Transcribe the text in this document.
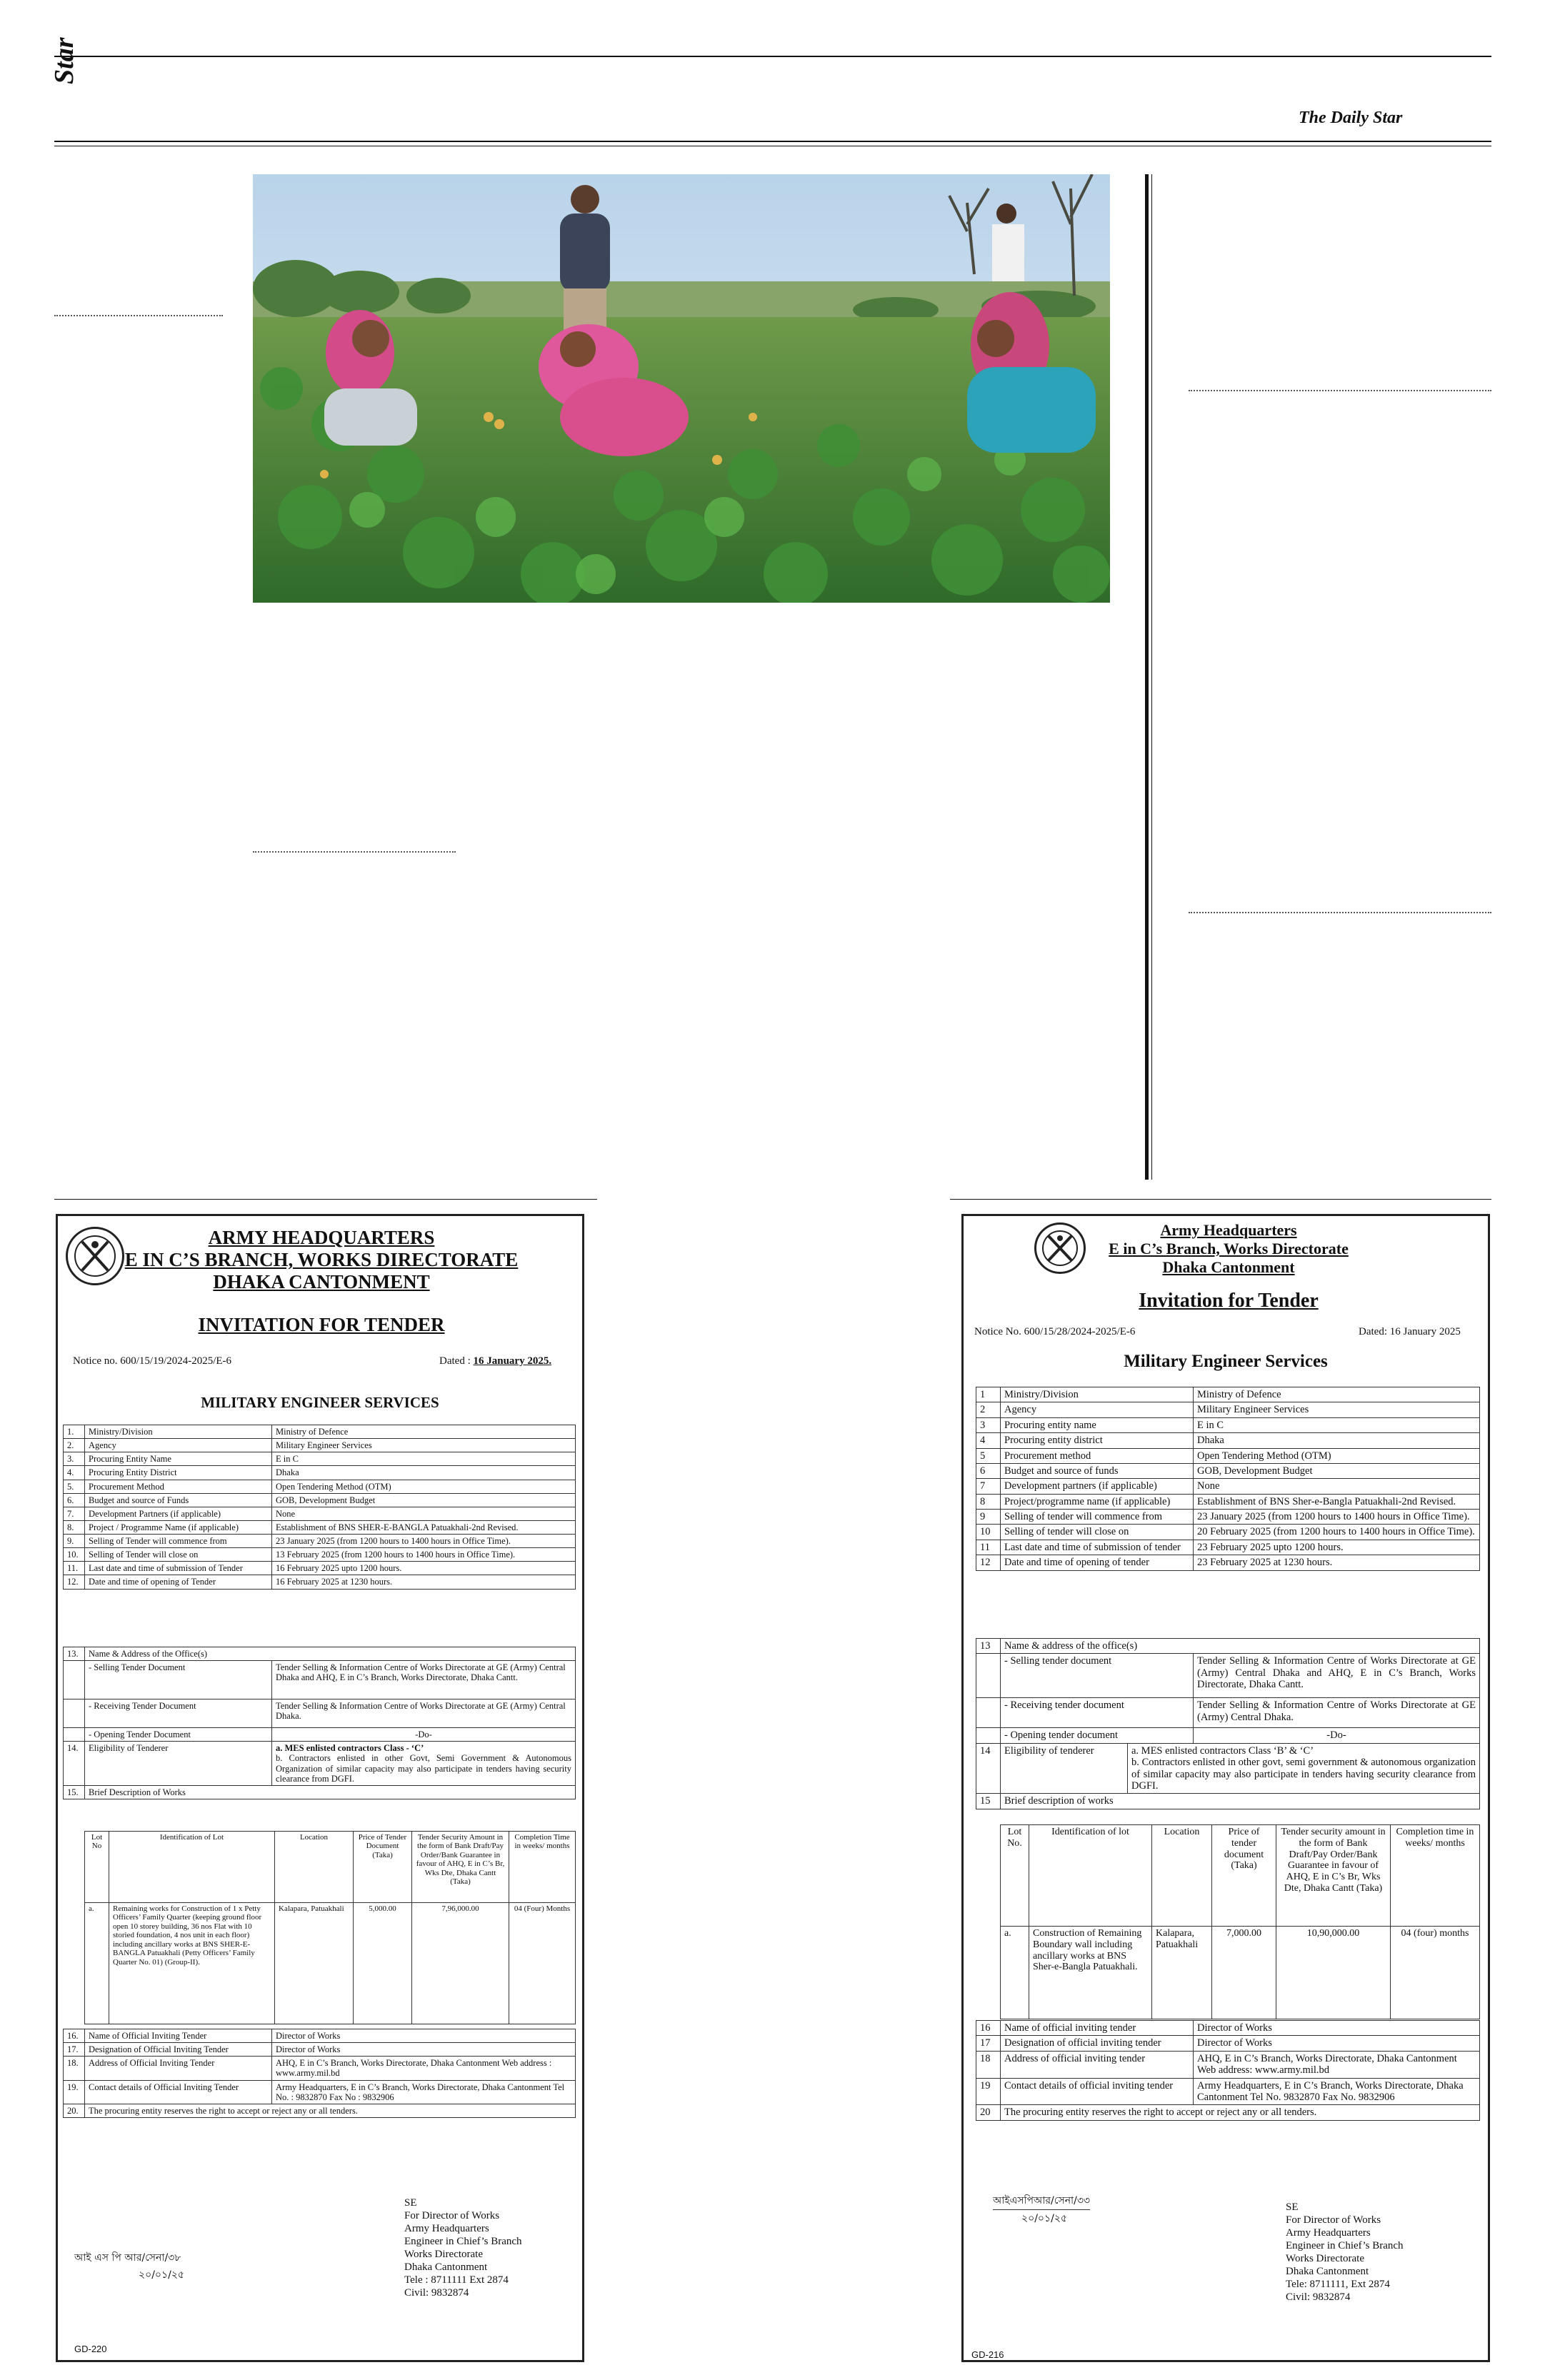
Star
The Daily Star
ARMY HEADQUARTERS
E IN C’S BRANCH, WORKS DIRECTORATE
DHAKA CANTONMENT
INVITATION FOR TENDER
Notice no. 600/15/19/2024-2025/E-6	Dated : 16 January 2025.
MILITARY ENGINEER SERVICES
1.	Ministry/Division	Ministry of Defence
2.	Agency	Military Engineer Services
3.	Procuring Entity Name	E in C
4.	Procuring Entity District	Dhaka
5.	Procurement Method	Open Tendering Method (OTM)
6.	Budget and source of Funds	GOB, Development Budget
7.	Development Partners (if applicable)	None
8.	Project / Programme Name (if applicable)	Establishment of BNS SHER-E-BANGLA Patuakhali-2nd Revised.
9.	Selling of Tender will commence from	23 January 2025 (from 1200 hours to 1400 hours in Office Time).
10.	Selling of Tender will close on	13 February 2025 (from 1200 hours to 1400 hours in Office Time).
11.	Last date and time of submission of Tender	16 February 2025 upto 1200 hours.
12.	Date and time of opening of Tender	16 February 2025 at 1230 hours.
13.	Name & Address of the Office(s)	
	- Selling Tender Document	Tender Selling & Information Centre of Works Directorate at GE (Army) Central Dhaka and AHQ, E in C’s Branch, Works Directorate, Dhaka Cantt.
	- Receiving Tender Document	Tender Selling & Information Centre of Works Directorate at GE (Army) Central Dhaka.
	- Opening Tender Document	-Do-
14.	Eligibility of Tenderer	a. MES enlisted contractors Class - ‘C’
b. Contractors enlisted in other Govt, Semi Government & Autonomous Organization of similar capacity may also participate in tenders having security clearance from DGFI.

15.	Brief Description of Works	
Lot No	Identification of Lot	Location	Price of Tender Document (Taka)	Tender Security Amount in the form of Bank Draft/Pay Order/Bank Guarantee in favour of AHQ, E in C’s Br, Wks Dte, Dhaka Cantt (Taka)	Completion Time in weeks/ months
a.	Remaining works for Construction of 1 x Petty Officers’ Family Quarter (keeping ground floor open 10 storey building, 36 nos Flat with 10 storied foundation, 4 nos unit in each floor) including ancillary works at BNS SHER-E-BANGLA Patuakhali (Petty Officers’ Family Quarter No. 01) (Group-II).	Kalapara, Patuakhali	5,000.00	7,96,000.00	04 (Four) Months
16.	Name of Official Inviting Tender	Director of Works
17.	Designation of Official Inviting Tender	Director of Works
18.	Address of Official Inviting Tender	AHQ, E in C’s Branch, Works Directorate, Dhaka Cantonment Web address : www.army.mil.bd
19.	Contact details of Official Inviting Tender	Army Headquarters, E in C’s Branch, Works Directorate, Dhaka Cantonment Tel No. : 9832870 Fax No : 9832906
20.	The procuring entity reserves the right to accept or reject any or all tenders.	
SE
For Director of Works
Army Headquarters
Engineer in Chief’s Branch
Works Directorate
Dhaka Cantonment
Tele : 8711111 Ext 2874
Civil: 9832874
আই এস পি আর/সেনা/৩৮
২০/০১/২৫
GD-220
Army Headquarters
E in C’s Branch, Works Directorate
Dhaka Cantonment
Invitation for Tender
Notice No. 600/15/28/2024-2025/E-6	Dated: 16 January 2025
Military Engineer Services
1	Ministry/Division	Ministry of Defence
2	Agency	Military Engineer Services
3	Procuring entity name	E in C
4	Procuring entity district	Dhaka
5	Procurement method	Open Tendering Method (OTM)
6	Budget and source of funds	GOB, Development Budget
7	Development partners (if applicable)	None
8	Project/programme name (if applicable)	Establishment of BNS Sher-e-Bangla Patuakhali-2nd Revised.
9	Selling of tender will commence from	23 January 2025 (from 1200 hours to 1400 hours in Office Time).
10	Selling of tender will close on	20 February 2025 (from 1200 hours to 1400 hours in Office Time).
11	Last date and time of submission of tender	23 February 2025 upto 1200 hours.
12	Date and time of opening of tender	23 February 2025 at 1230 hours.
13	Name & address of the office(s)		
	- Selling tender document		Tender Selling & Information Centre of Works Directorate at GE (Army) Central Dhaka and AHQ, E in C’s Branch, Works Directorate, Dhaka Cantt.
	- Receiving tender document		Tender Selling & Information Centre of Works Directorate at GE (Army) Central Dhaka.
	- Opening tender document		-Do-
14	Eligibility of tenderer	a. MES enlisted contractors Class ‘B’ & ‘C’
b. Contractors enlisted in other govt, semi government & autonomous organization of similar capacity may also participate in tenders having security clearance from DGFI.	

15	Brief description of works		
Lot No.	Identification of lot	Location	Price of tender document (Taka)	Tender security amount in the form of Bank Draft/Pay Order/Bank Guarantee in favour of AHQ, E in C’s Br, Wks Dte, Dhaka Cantt (Taka)	Completion time in weeks/ months
a.	Construction of Remaining Boundary wall including ancillary works at BNS Sher-e-Bangla Patuakhali.	Kalapara, Patuakhali	7,000.00	10,90,000.00	04 (four) months
16	Name of official inviting tender	Director of Works
17	Designation of official inviting tender	Director of Works
18	Address of official inviting tender	AHQ, E in C’s Branch, Works Directorate, Dhaka Cantonment Web address: www.army.mil.bd
19	Contact details of official inviting tender	Army Headquarters, E in C’s Branch, Works Directorate, Dhaka Cantonment Tel No. 9832870 Fax No. 9832906
20	The procuring entity reserves the right to accept or reject any or all tenders.	
SE
For Director of Works
Army Headquarters
Engineer in Chief’s Branch
Works Directorate
Dhaka Cantonment
Tele: 8711111, Ext 2874
Civil: 9832874
আইএসপিআর/সেনা/৩৩
২০/০১/২৫
GD-216
